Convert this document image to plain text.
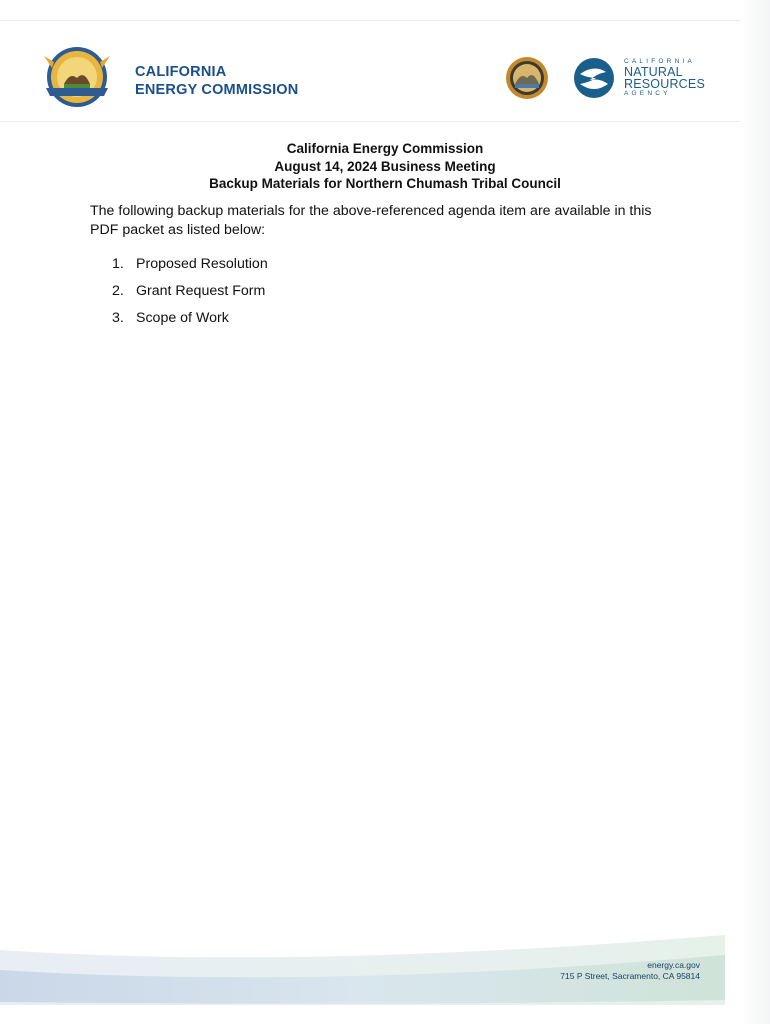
CALIFORNIA
ENERGY COMMISSION
CALIFORNIA
NATURAL
RESOURCES
AGENCY
California Energy Commission
August 14, 2024 Business Meeting
Backup Materials for Northern Chumash Tribal Council
The following backup materials for the above-referenced agenda item are available in this PDF packet as listed below:
1. Proposed Resolution
2. Grant Request Form
3. Scope of Work
energy.ca.gov
715 P Street, Sacramento, CA 95814
